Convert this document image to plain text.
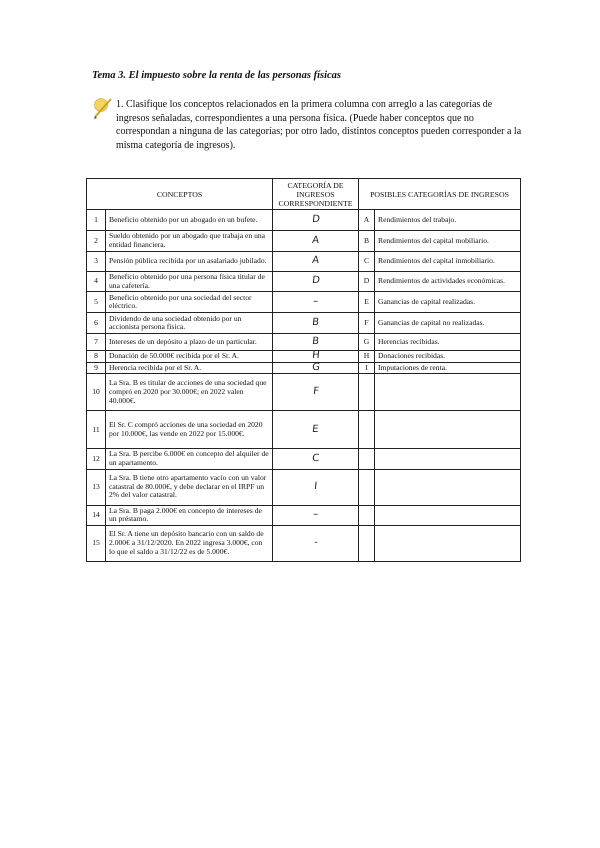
Tema 3. El impuesto sobre la renta de las personas físicas
1. Clasifique los conceptos relacionados en la primera columna con arreglo a las categorías de ingresos señaladas, correspondientes a una persona física. (Puede haber conceptos que no correspondan a ninguna de las categorías; por otro lado, distintos conceptos pueden corresponder a la misma categoría de ingresos).
CONCEPTOS		CATEGORÍA DE INGRESOS CORRESPONDIENTE	POSIBLES CATEGORÍAS DE INGRESOS	
1	Beneficio obtenido por un abogado en un bufete.	D	A	Rendimientos del trabajo.
2	Sueldo obtenido por un abogado que trabaja en una entidad financiera.	A	B	Rendimientos del capital mobiliario.
3	Pensión pública recibida por un asalariado jubilado.	A	C	Rendimientos del capital inmobiliario.
4	Beneficio obtenido por una persona física titular de una cafetería.	D	D	Rendimientos de actividades económicas.
5	Beneficio obtenido por una sociedad del sector eléctrico.	–	E	Ganancias de capital realizadas.
6	Dividendo de una sociedad obtenido por un accionista persona física.	B	F	Ganancias de capital no realizadas.
7	Intereses de un depósito a plazo de un particular.	B	G	Herencias recibidas.
8	Donación de 50.000€ recibida por el Sr. A.	H	H	Donaciones recibidas.
9	Herencia recibida por el Sr. A.	G	I	Imputaciones de renta.
10	La Sra. B es titular de acciones de una sociedad que compró en 2020 por 30.000€; en 2022 valen 40.000€.	F		
11	El Sr. C compró acciones de una sociedad en 2020 por 10.000€, las vende en 2022 por 15.000€.	E		
12	La Sra. B percibe 6.000€ en concepto del alquiler de un apartamento.	C		
13	La Sra. B tiene otro apartamento vacío con un valor catastral de 80.000€, y debe declarar en el IRPF un 2% del valor catastral.	I		
14	La Sra. B paga 2.000€ en concepto de intereses de un préstamo.	–		
15	El Sr. A tiene un depósito bancario con un saldo de 2.000€ a 31/12/2020. En 2022 ingresa 3.000€, con lo que el saldo a 31/12/22 es de 5.000€.	-		
